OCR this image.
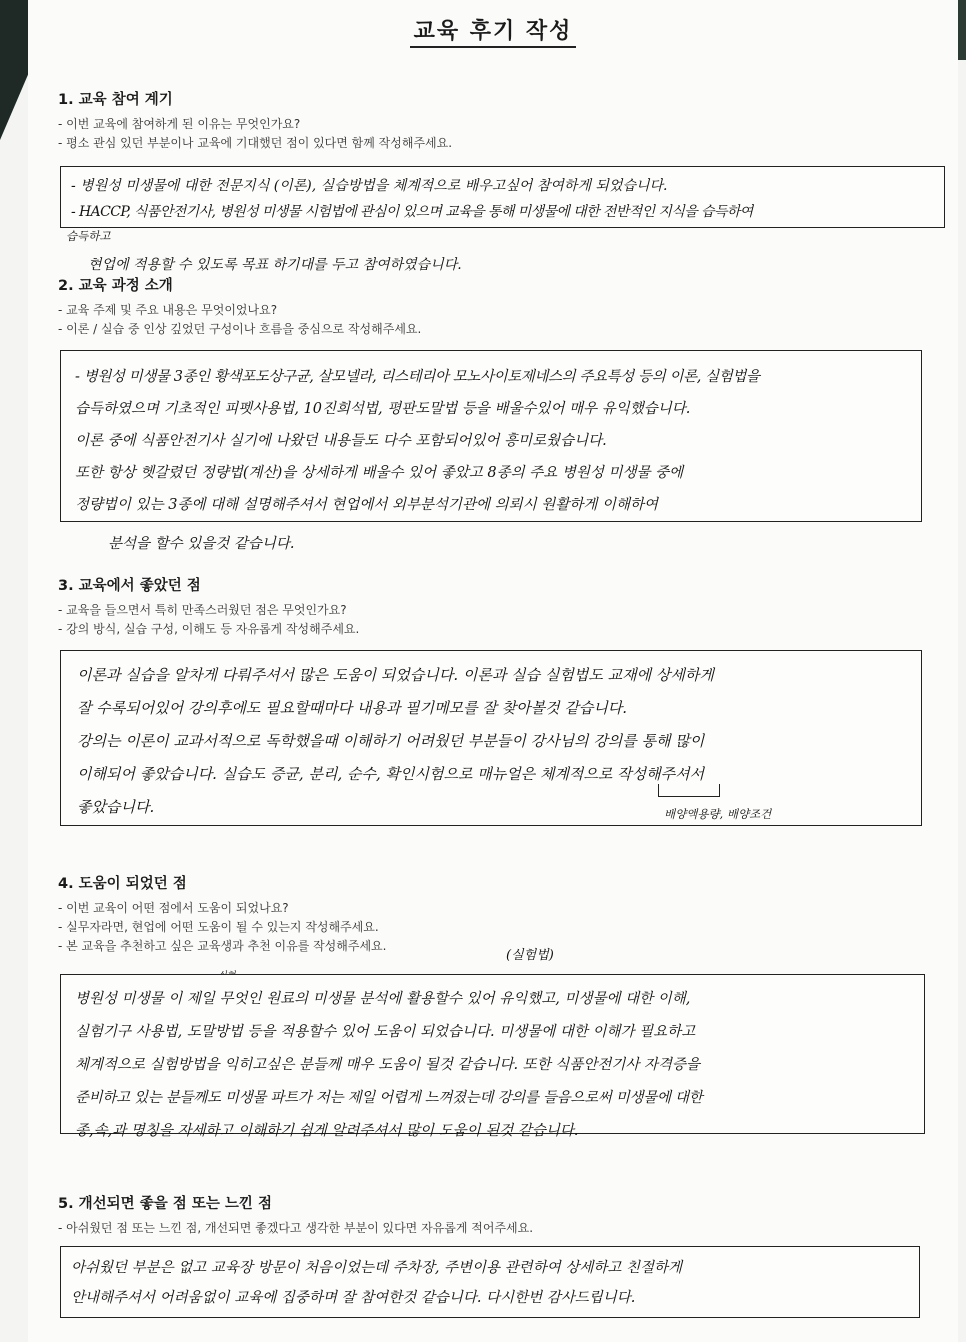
교육 후기 작성
1. 교육 참여 계기
- 이번 교육에 참여하게 된 이유는 무엇인가요?
- 평소 관심 있던 부분이나 교육에 기대했던 점이 있다면 함께 작성해주세요.
- 병원성 미생물에 대한 전문지식 (이론), 실습방법을 체계적으로 배우고싶어 참여하게 되었습니다.
- HACCP, 식품안전기사, 병원성 미생물 시험법에 관심이 있으며 교육을 통해 미생물에 대한 전반적인 지식을 습득하여
습득하고
현업에 적용할 수 있도록 목표 하기대를 두고 참여하였습니다.
2. 교육 과정 소개
- 교육 주제 및 주요 내용은 무엇이었나요?
- 이론 / 실습 중 인상 깊었던 구성이나 흐름을 중심으로 작성해주세요.
- 병원성 미생물 3종인 황색포도상구균, 살모넬라, 리스테리아 모노사이토제네스의 주요특성 등의 이론, 실험법을
습득하였으며 기초적인 피펫사용법, 10진희석법, 평판도말법 등을 배울수있어 매우 유익했습니다.
이론 중에 식품안전기사 실기에 나왔던 내용들도 다수 포함되어있어 흥미로웠습니다.
또한 항상 헷갈렸던 정량법(계산)을 상세하게 배울수 있어 좋았고 8종의 주요 병원성 미생물 중에
정량법이 있는 3종에 대해 설명해주셔서 현업에서 외부분석기관에 의뢰시 원활하게 이해하여
분석을 할수 있을것 같습니다.
3. 교육에서 좋았던 점
- 교육을 들으면서 특히 만족스러웠던 점은 무엇인가요?
- 강의 방식, 실습 구성, 이해도 등 자유롭게 작성해주세요.
이론과 실습을 알차게 다뤄주셔서 많은 도움이 되었습니다. 이론과 실습 실험법도 교재에 상세하게
잘 수록되어있어 강의후에도 필요할때마다 내용과 필기메모를 잘 찾아볼것 같습니다.
강의는 이론이 교과서적으로 독학했을때 이해하기 어려웠던 부분들이 강사님의 강의를 통해 많이
이해되어 좋았습니다. 실습도 증균, 분리, 순수, 확인시험으로 매뉴얼은 체계적으로 작성해주셔서
좋았습니다.	배양액용량, 배양조건
4. 도움이 되었던 점
- 이번 교육이 어떤 점에서 도움이 되었나요?
- 실무자라면, 현업에 어떤 도움이 될 수 있는지 작성해주세요.
- 본 교육을 추천하고 싶은 교육생과 추천 이유를 작성해주세요.
(실험법)
병원성 미생물 이 제일 무엇인 원료의 미생물 분석에 활용할수 있어 유익했고, 미생물에 대한 이해,
실험기구 사용법, 도말방법 등을 적용할수 있어 도움이 되었습니다. 미생물에 대한 이해가 필요하고
체계적으로 실험방법을 익히고싶은 분들께 매우 도움이 될것 같습니다. 또한 식품안전기사 자격증을
준비하고 있는 분들께도 미생물 파트가 저는 제일 어렵게 느껴졌는데 강의를 들음으로써 미생물에 대한
종,속,과 명칭을 자세하고 이해하기 쉽게 알려주셔서 많이 도움이 된것 같습니다.
5. 개선되면 좋을 점 또는 느낀 점
- 아쉬웠던 점 또는 느낀 점, 개선되면 좋겠다고 생각한 부분이 있다면 자유롭게 적어주세요.
아쉬웠던 부분은 없고 교육장 방문이 처음이었는데 주차장, 주변이용 관련하여 상세하고 친절하게
안내해주셔서 어려움없이 교육에 집중하며 잘 참여한것 같습니다. 다시한번 감사드립니다.
